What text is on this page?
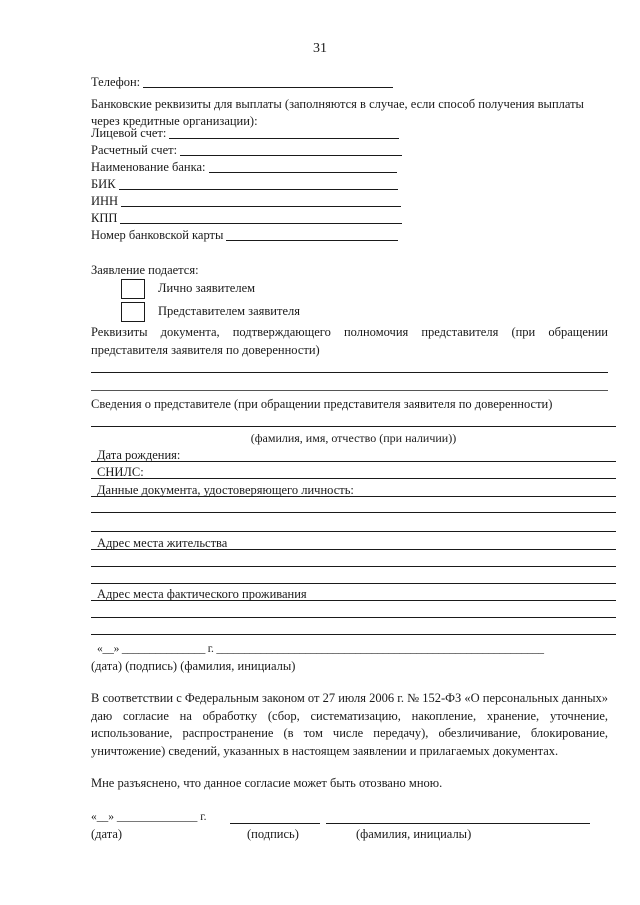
31
Телефон:
Банковские реквизиты для выплаты (заполняются в случае, если способ получения выплаты через кредитные организации):
Лицевой счет:
Расчетный счет:
Наименование банка:
БИК
ИНН
КПП
Номер банковской карты
Заявление подается:
Лично заявителем
Представителем заявителя
Реквизиты документа, подтверждающего полномочия представителя (при обращении представителя заявителя по доверенности)
Сведения о представителе (при обращении представителя заявителя по доверенности)
(фамилия, имя, отчество (при наличии))
Дата рождения:
СНИЛС:
Данные документа, удостоверяющего личность:
Адрес места жительства
Адрес места фактического проживания
«__» _______________ г. ___________________________________________________________
(дата) (подпись) (фамилия, инициалы)
В соответствии с Федеральным законом от 27 июля 2006 г. № 152-ФЗ «О персональных данных» даю согласие на обработку (сбор, систематизацию, накопление, хранение, уточнение, использование, распространение (в том числе передачу), обезличивание, блокирование, уничтожение) сведений, указанных в настоящем заявлении и прилагаемых документах.
Мне разъяснено, что данное согласие может быть отозвано мною.
«__» ______________ г.
(дата)	(подпись)	(фамилия, инициалы)
